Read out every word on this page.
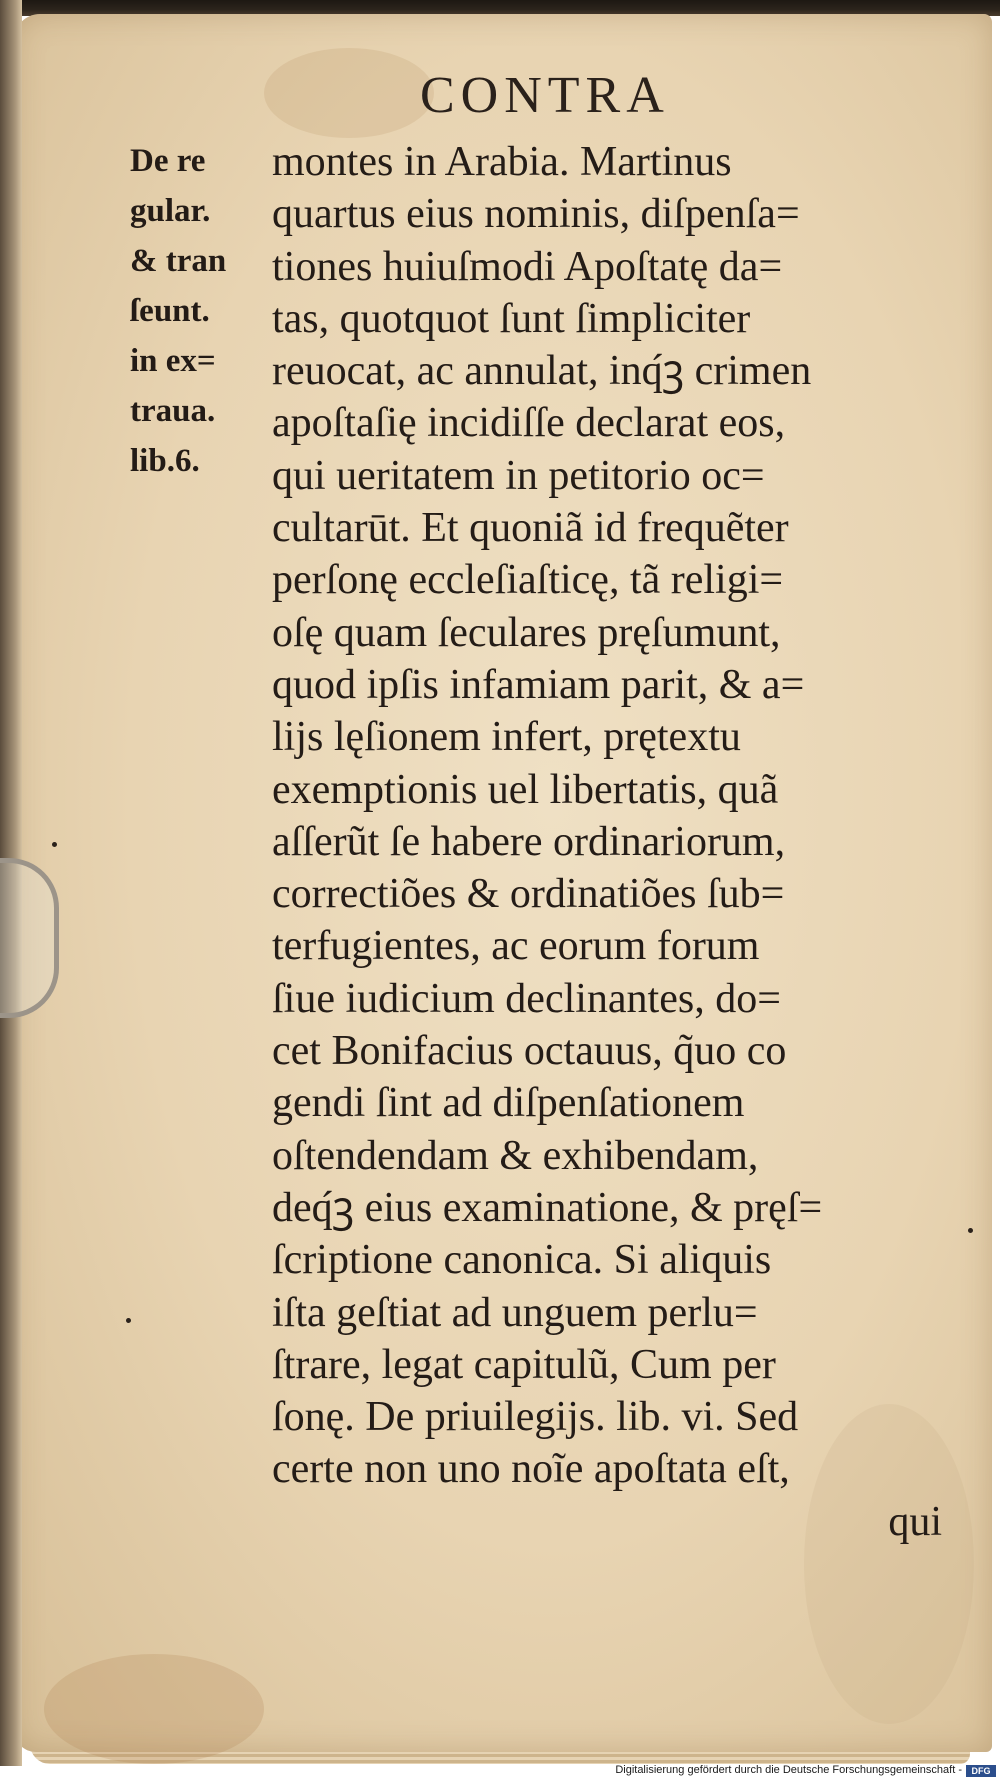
CONTRA
De re
gular.
& tran
ſeunt.
in ex=
traua.
lib.6.
montes in Arabia. Martinus
quartus eius nominis, diſpenſa=
tiones huiuſmodi Apoſtatę da=
tas, quotquot ſunt ſimpliciter
reuocat, ac annulat, inq́ꝫ crimen
apoſtaſię incidiſſe declarat eos,
qui ueritatem in petitorio oc=
cultarūt. Et quoniã id frequẽter
perſonę eccleſiaſticę, tã religi=
oſę quam ſeculares pręſumunt,
quod ipſis infamiam parit, & a=
lijs lęſionem infert, prętextu
exemptionis uel libertatis, quã
aſſerũt ſe habere ordinariorum,
correctiões & ordinatiões ſub=
terfugientes, ac eorum forum
ſiue iudicium declinantes, do=
cet Bonifacius octauus, q̃uo co
gendi ſint ad diſpenſationem
oſtendendam & exhibendam,
deq́ꝫ eius examinatione, & pręſ=
ſcriptione canonica. Si aliquis
iſta geſtiat ad unguem perlu=
ſtrare, legat capitulũ, Cum per
ſonę. De priuilegijs. lib. vi. Sed
certe non uno noĩe apoſtata eſt,
qui
Digitalisierung gefördert durch die Deutsche Forschungsgemeinschaft -	DFG
